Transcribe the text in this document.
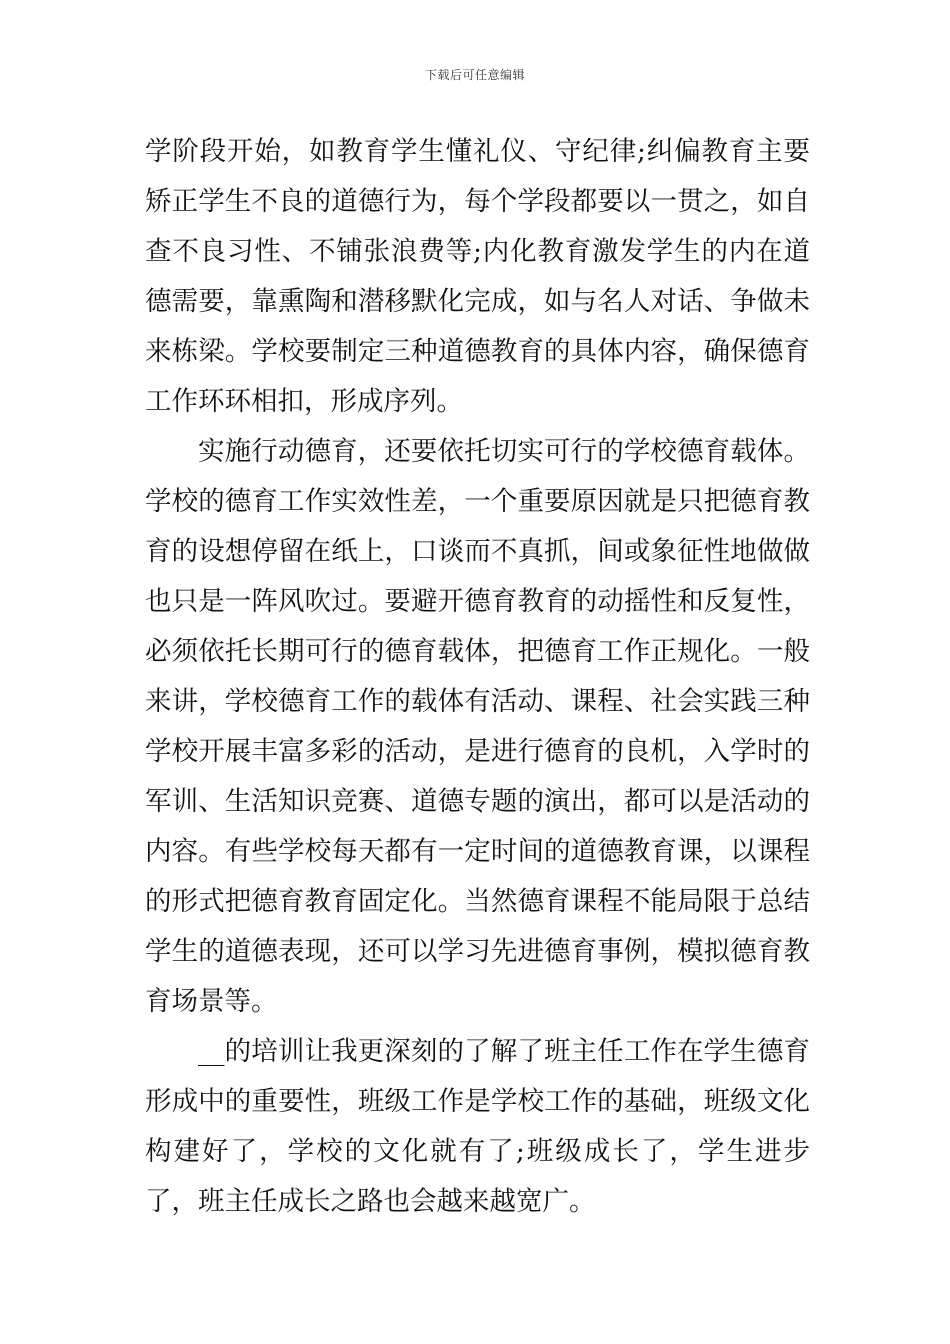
下载后可任意编辑

学阶段开始，如教育学生懂礼仪、守纪律;纠偏教育主要矫正学生不良的道德行为，每个学段都要以一贯之，如自查不良习性、不铺张浪费等;内化教育激发学生的内在道德需要，靠熏陶和潜移默化完成，如与名人对话、争做未来栋梁。学校要制定三种道德教育的具体内容，确保德育工作环环相扣，形成序列。

实施行动德育，还要依托切实可行的学校德育载体。学校的德育工作实效性差，一个重要原因就是只把德育教育的设想停留在纸上，口谈而不真抓，间或象征性地做做也只是一阵风吹过。要避开德育教育的动摇性和反复性，必须依托长期可行的德育载体，把德育工作正规化。一般来讲，学校德育工作的载体有活动、课程、社会实践三种学校开展丰富多彩的活动，是进行德育的良机，入学时的军训、生活知识竞赛、道德专题的演出，都可以是活动的内容。有些学校每天都有一定时间的道德教育课，以课程的形式把德育教育固定化。当然德育课程不能局限于总结学生的道德表现，还可以学习先进德育事例，模拟德育教育场景等。

__的培训让我更深刻的了解了班主任工作在学生德育形成中的重要性，班级工作是学校工作的基础，班级文化构建好了，学校的文化就有了;班级成长了，学生进步了，班主任成长之路也会越来越宽广。
